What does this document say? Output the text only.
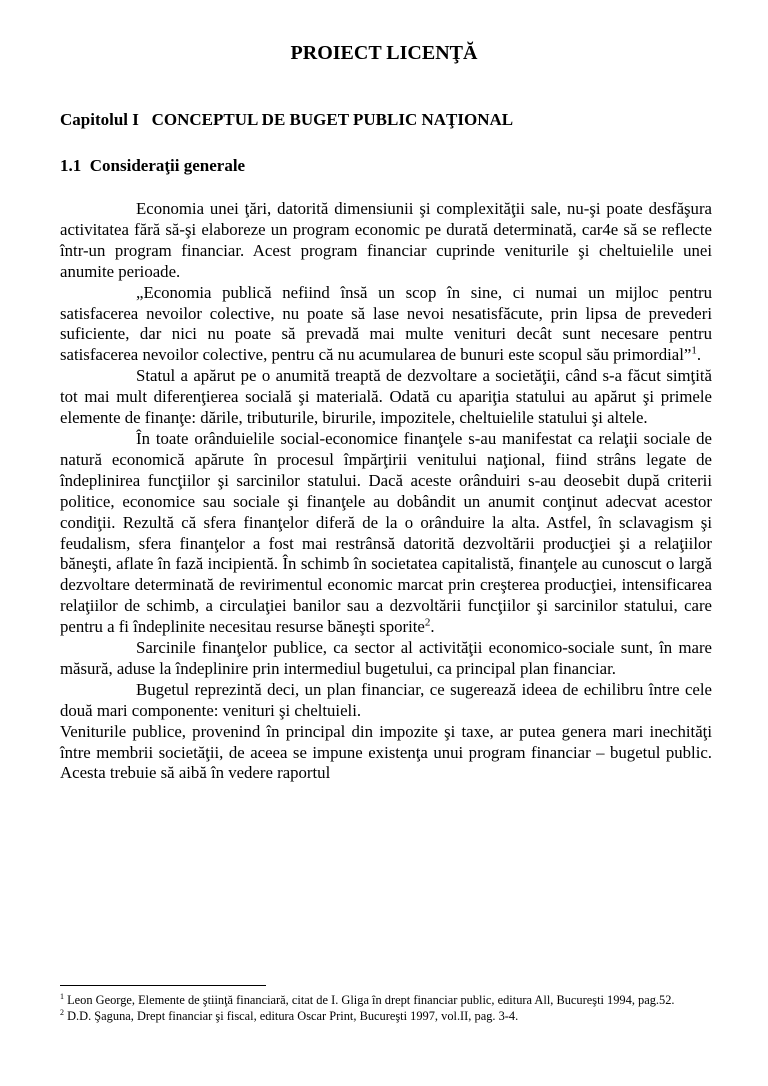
PROIECT LICENŢĂ
Capitolul I   CONCEPTUL DE BUGET PUBLIC NAŢIONAL
1.1  Consideraţii generale

Economia unei ţări, datorită dimensiunii şi complexităţii sale, nu-şi poate desfăşura activitatea fără să-şi elaboreze un program economic pe durată determinată, car4e să se reflecte într-un program financiar. Acest program financiar cuprinde veniturile şi cheltuielile unei anumite perioade.

„Economia publică nefiind însă un scop în sine, ci numai un mijloc pentru satisfacerea nevoilor colective, nu poate să lase nevoi nesatisfăcute, prin lipsa de prevederi suficiente, dar nici nu poate să prevadă mai multe venituri decât sunt necesare pentru satisfacerea nevoilor colective, pentru că nu acumularea de bunuri este scopul său primordial”$^1$.

Statul a apărut pe o anumită treaptă de dezvoltare a societăţii, când s-a făcut simţită tot mai mult diferenţierea socială şi materială. Odată cu apariţia statului au apărut şi primele elemente de finanţe: dările, tributurile, birurile, impozitele, cheltuielile statului şi altele.

În toate orânduielile social-economice finanţele s-au manifestat ca relaţii sociale de natură economică apărute în procesul împărţirii venitului naţional, fiind strâns legate de îndeplinirea funcţiilor şi sarcinilor statului. Dacă aceste orânduiri s-au deosebit după criterii politice, economice sau sociale şi finanţele au dobândit un anumit conţinut adecvat acestor condiţii. Rezultă că sfera finanţelor diferă de la o orânduire la alta. Astfel, în sclavagism şi feudalism, sfera finanţelor a fost mai restrânsă datorită dezvoltării producţiei şi a relaţiilor băneşti, aflate în fază incipientă. În schimb în societatea capitalistă, finanţele au cunoscut o largă dezvoltare determinată de revirimentul economic marcat prin creşterea producţiei, intensificarea relaţiilor de schimb, a circulaţiei banilor sau a dezvoltării funcţiilor şi sarcinilor statului, care pentru a fi îndeplinite necesitau resurse băneşti sporite$^2$.

Sarcinile finanţelor publice, ca sector al activităţii economico-sociale sunt, în mare măsură, aduse la îndeplinire prin intermediul bugetului, ca principal plan financiar.

Bugetul reprezintă deci, un plan financiar, ce sugerează ideea de echilibru între cele două mari componente: venituri şi cheltuieli.

Veniturile publice, provenind în principal din impozite şi taxe, ar putea genera mari inechităţi între membrii societăţii, de aceea se impune existenţa unui program financiar – bugetul public. Acesta trebuie să aibă în vedere raportul

$^1$ Leon George, Elemente de ştiinţă financiară, citat de I. Gliga în drept financiar public, editura All, Bucureşti 1994, pag.52.
$^2$ D.D. Şaguna, Drept financiar şi fiscal, editura Oscar Print, Bucureşti 1997, vol.II, pag. 3-4.
